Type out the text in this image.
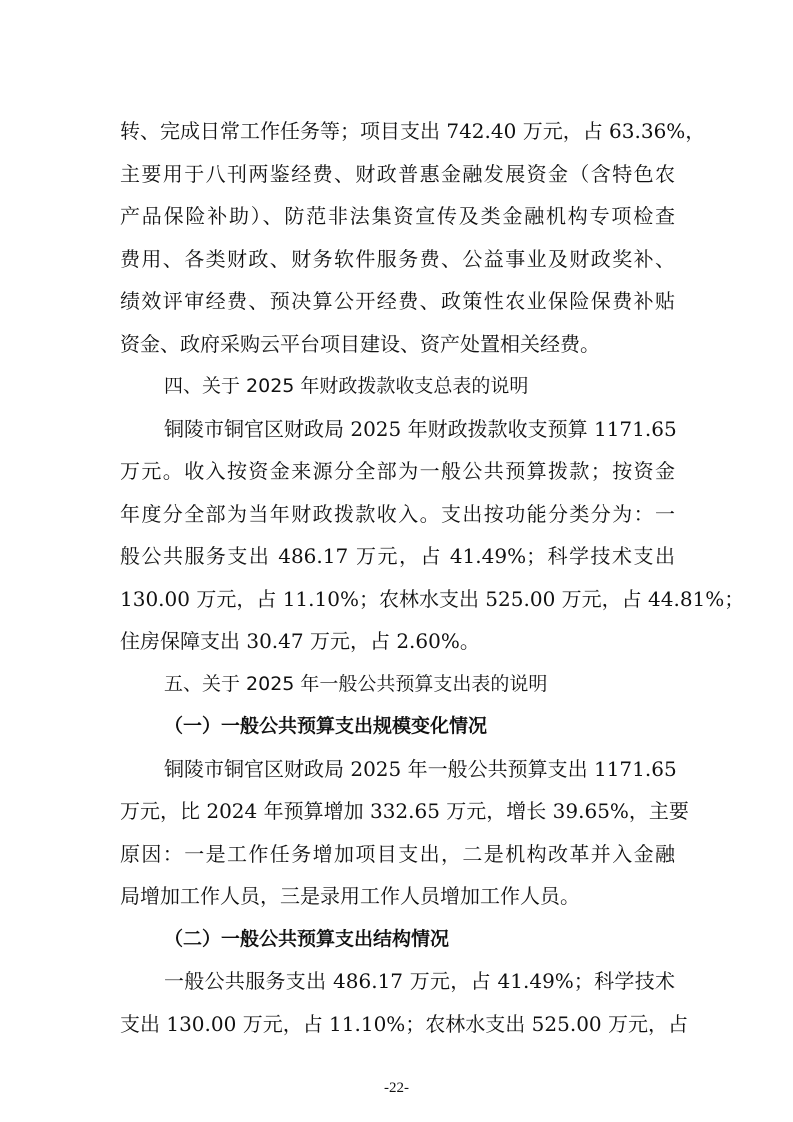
转、完成日常工作任务等；项目支出 742.40 万元，占 63.36%，
主要用于八刊两鉴经费、财政普惠金融发展资金（含特色农
产品保险补助）、防范非法集资宣传及类金融机构专项检查
费用、各类财政、财务软件服务费、公益事业及财政奖补、
绩效评审经费、预决算公开经费、政策性农业保险保费补贴
资金、政府采购云平台项目建设、资产处置相关经费。
四、关于 2025 年财政拨款收支总表的说明
铜陵市铜官区财政局 2025 年财政拨款收支预算 1171.65
万元。收入按资金来源分全部为一般公共预算拨款；按资金
年度分全部为当年财政拨款收入。支出按功能分类分为：一
般公共服务支出 486.17 万元，占 41.49%；科学技术支出
130.00 万元，占 11.10%；农林水支出 525.00 万元，占 44.81%；
住房保障支出 30.47 万元，占 2.60%。
五、关于 2025 年一般公共预算支出表的说明
（一）一般公共预算支出规模变化情况
铜陵市铜官区财政局 2025 年一般公共预算支出 1171.65
万元，比 2024 年预算增加 332.65 万元，增长 39.65%，主要
原因：一是工作任务增加项目支出，二是机构改革并入金融
局增加工作人员，三是录用工作人员增加工作人员。
（二）一般公共预算支出结构情况
一般公共服务支出 486.17 万元，占 41.49%；科学技术
支出 130.00 万元，占 11.10%；农林水支出 525.00 万元，占
-22-
